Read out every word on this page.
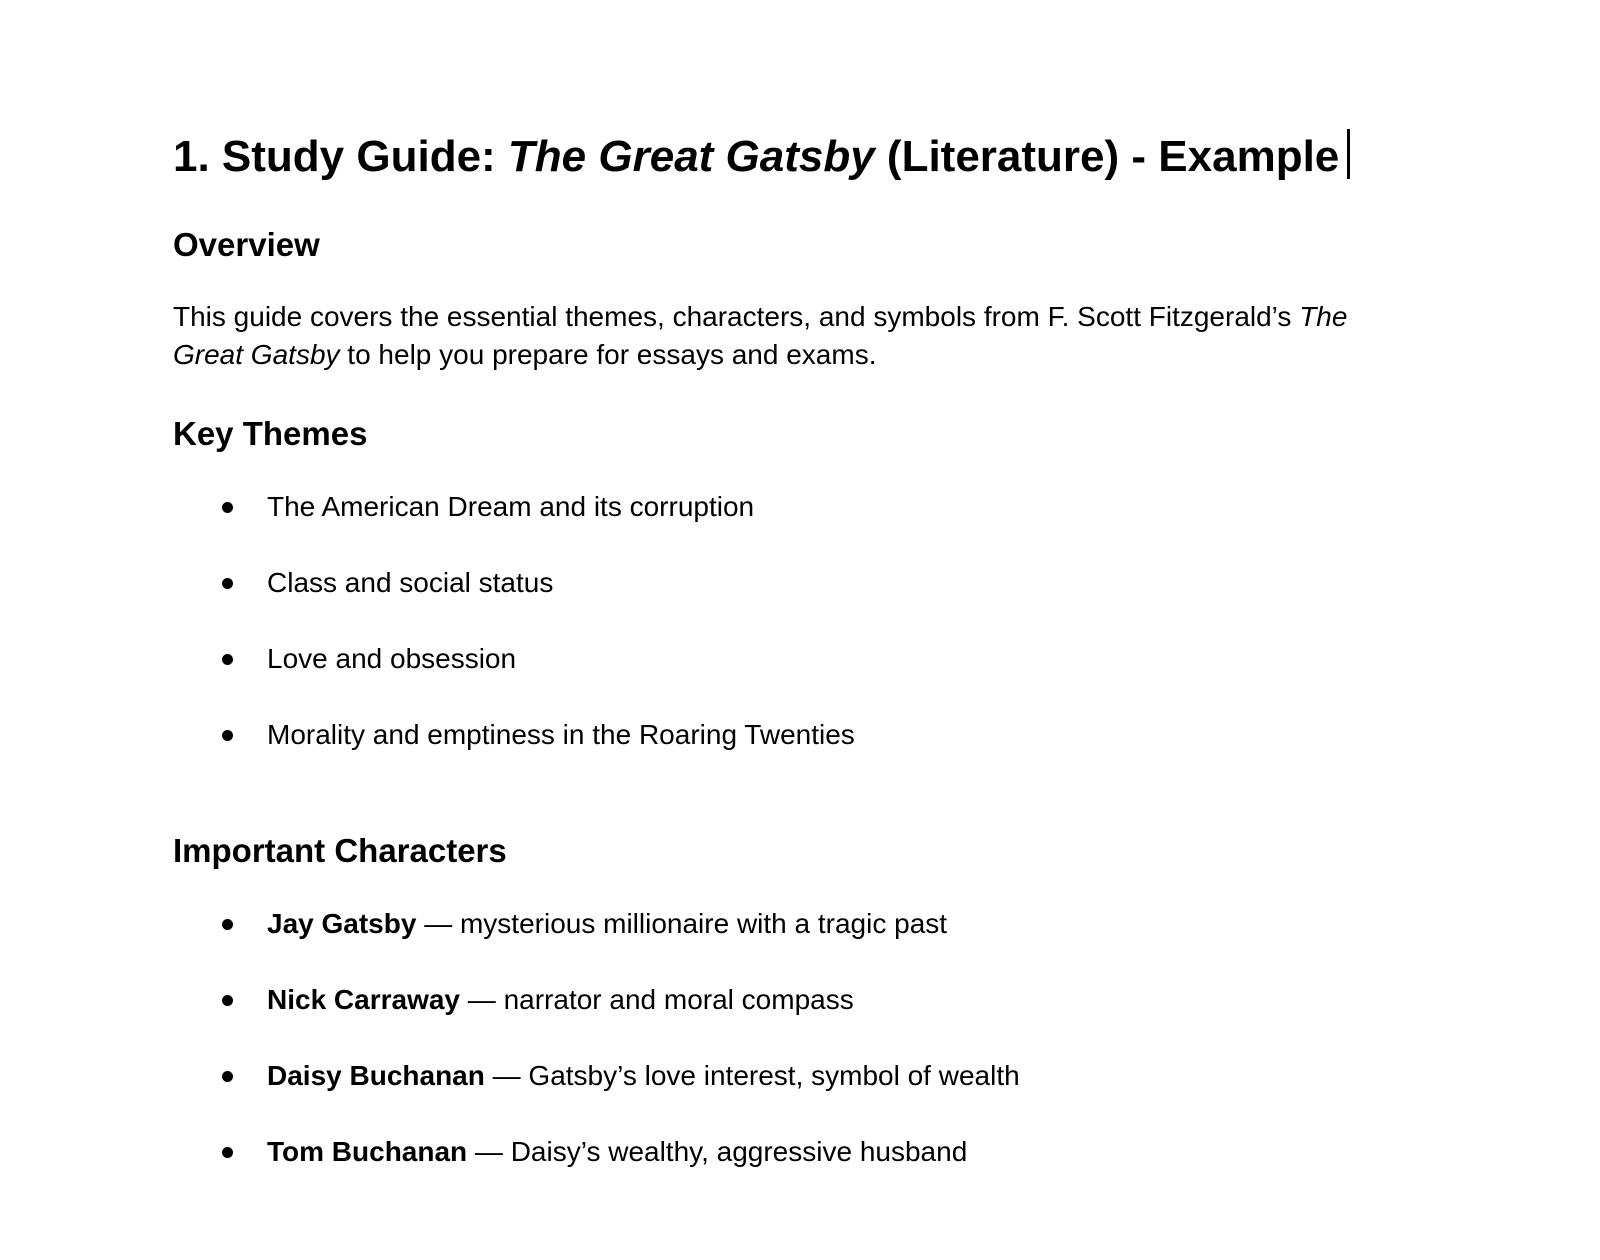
1. Study Guide: The Great Gatsby (Literature) - Example
Overview

This guide covers the essential themes, characters, and symbols from F. Scott Fitzgerald’s The Great Gatsby to help you prepare for essays and exams.

Key Themes
The American Dream and its corruption
Class and social status
Love and obsession
Morality and emptiness in the Roaring Twenties
Important Characters
Jay Gatsby — mysterious millionaire with a tragic past
Nick Carraway — narrator and moral compass
Daisy Buchanan — Gatsby’s love interest, symbol of wealth
Tom Buchanan — Daisy’s wealthy, aggressive husband
